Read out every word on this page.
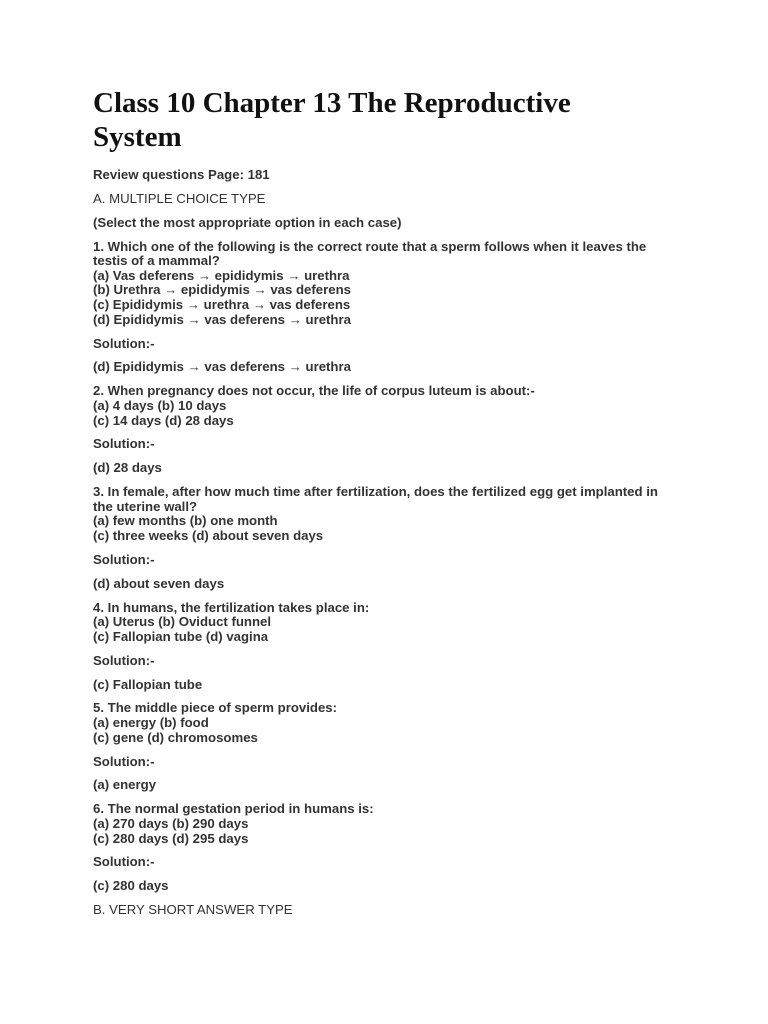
Class 10 Chapter 13 The Reproductive System

Review questions Page: 181

A. MULTIPLE CHOICE TYPE

(Select the most appropriate option in each case)

1. Which one of the following is the correct route that a sperm follows when it leaves the
testis of a mammal?
(a) Vas deferens → epididymis → urethra
(b) Urethra → epididymis → vas deferens
(c) Epididymis → urethra → vas deferens
(d) Epididymis → vas deferens → urethra

Solution:-

(d) Epididymis → vas deferens → urethra

2. When pregnancy does not occur, the life of corpus luteum is about:-
(a) 4 days (b) 10 days
(c) 14 days (d) 28 days

Solution:-

(d) 28 days

3. In female, after how much time after fertilization, does the fertilized egg get implanted in
the uterine wall?
(a) few months (b) one month
(c) three weeks (d) about seven days

Solution:-

(d) about seven days

4. In humans, the fertilization takes place in:
(a) Uterus (b) Oviduct funnel
(c) Fallopian tube (d) vagina

Solution:-

(c) Fallopian tube

5. The middle piece of sperm provides:
(a) energy (b) food
(c) gene (d) chromosomes

Solution:-

(a) energy

6. The normal gestation period in humans is:
(a) 270 days (b) 290 days
(c) 280 days (d) 295 days

Solution:-

(c) 280 days

B. VERY SHORT ANSWER TYPE
